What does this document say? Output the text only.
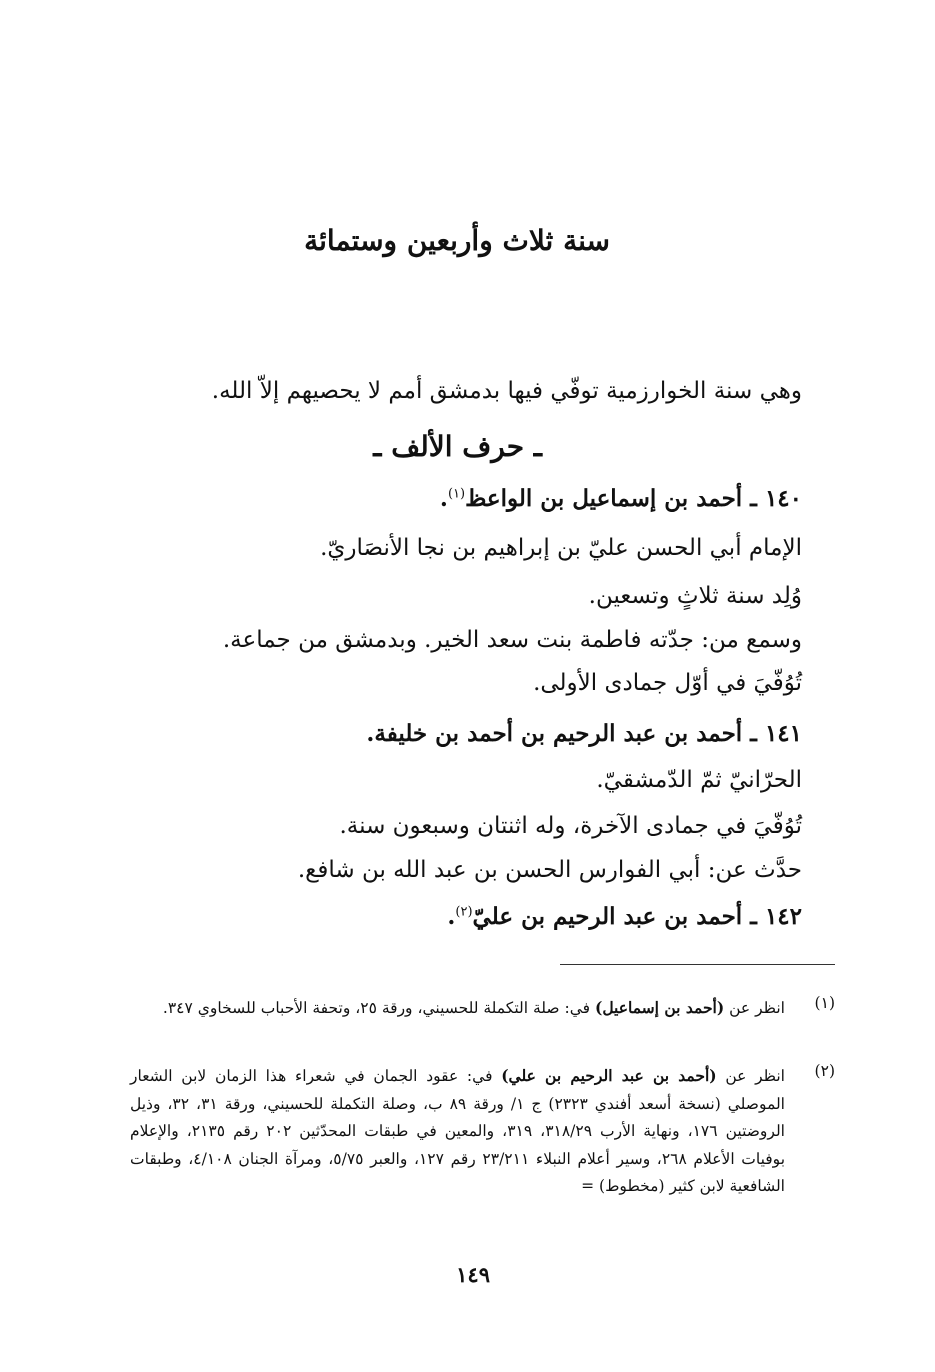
سنة ثلاث وأربعين وستمائة
وهي سنة الخوارزمية توفّي فيها بدمشق أمم لا يحصيهم إلاّ الله.
ـ حرف الألف ـ
١٤٠ ـ أحمد بن إسماعيل بن الواعظ$^{(١)}$.
الإمام أبي الحسن عليّ بن إبراهيم بن نجا الأنصَاريّ.
وُلِد سنة ثلاثٍ وتسعين.
وسمع من: جدّته فاطمة بنت سعد الخير. وبدمشق من جماعة.
تُوُفّيَ في أوّل جمادى الأولى.
١٤١ ـ أحمد بن عبد الرحيم بن أحمد بن خليفة.
الحرّانيّ ثمّ الدّمشقيّ.
تُوُفّيَ في جمادى الآخرة، وله اثنتان وسبعون سنة.
حدَّث عن: أبي الفوارس الحسن بن عبد الله بن شافع.
١٤٢ ـ أحمد بن عبد الرحيم بن عليّ$^{(٢)}$.
(١)
انظر عن (أحمد بن إسماعيل) في: صلة التكملة للحسيني، ورقة ٢٥، وتحفة الأحباب للسخاوي ٣٤٧.
(٢)
انظر عن (أحمد بن عبد الرحيم بن علي) في: عقود الجمان في شعراء هذا الزمان لابن الشعار الموصلي (نسخة أسعد أفندي ٢٣٢٣) ج ١/ ورقة ٨٩ ب، وصلة التكملة للحسيني، ورقة ٣١، ٣٢، وذيل الروضتين ١٧٦، ونهاية الأرب ٣١٨/٢٩، ٣١٩، والمعين في طبقات المحدّثين ٢٠٢ رقم ٢١٣٥، والإعلام بوفيات الأعلام ٢٦٨، وسير أعلام النبلاء ٢٣/٢١١ رقم ١٢٧، والعبر ٥/٧٥، ومرآة الجنان ٤/١٠٨، وطبقات الشافعية لابن كثير (مخطوط) =
١٤٩
